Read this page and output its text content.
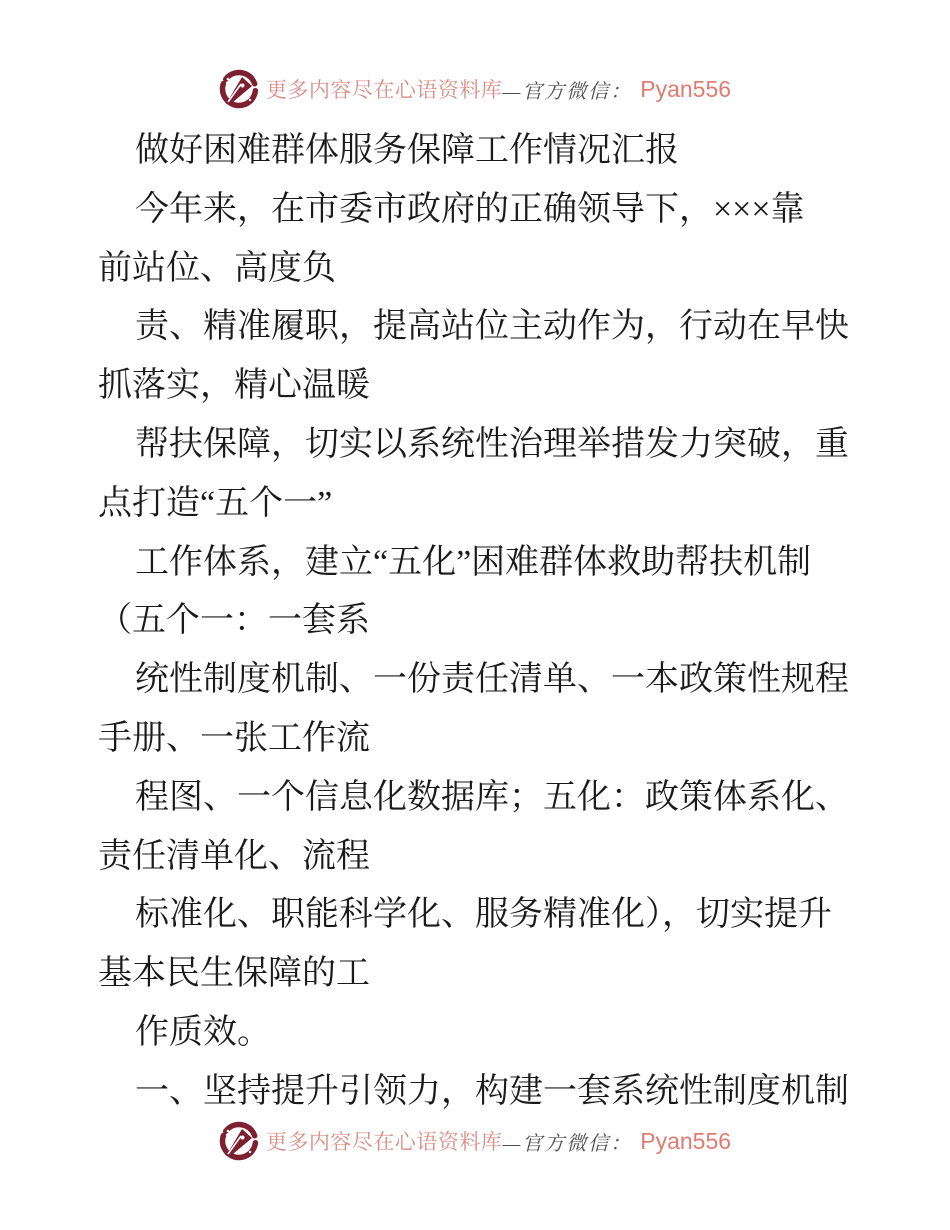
更多内容尽在心语资料库 —官方微信： Pyan556
做好困难群体服务保障工作情况汇报
今年来，在市委市政府的正确领导下，×××靠
前站位、高度负
责、精准履职，提高站位主动作为，行动在早快
抓落实，精心温暖
帮扶保障，切实以系统性治理举措发力突破，重
点打造“五个一”
工作体系，建立“五化”困难群体救助帮扶机制
（五个一：一套系
统性制度机制、一份责任清单、一本政策性规程
手册、一张工作流
程图、一个信息化数据库；五化：政策体系化、
责任清单化、流程
标准化、职能科学化、服务精准化），切实提升
基本民生保障的工
作质效。
一、坚持提升引领力，构建一套系统性制度机制
更多内容尽在心语资料库 —官方微信： Pyan556
